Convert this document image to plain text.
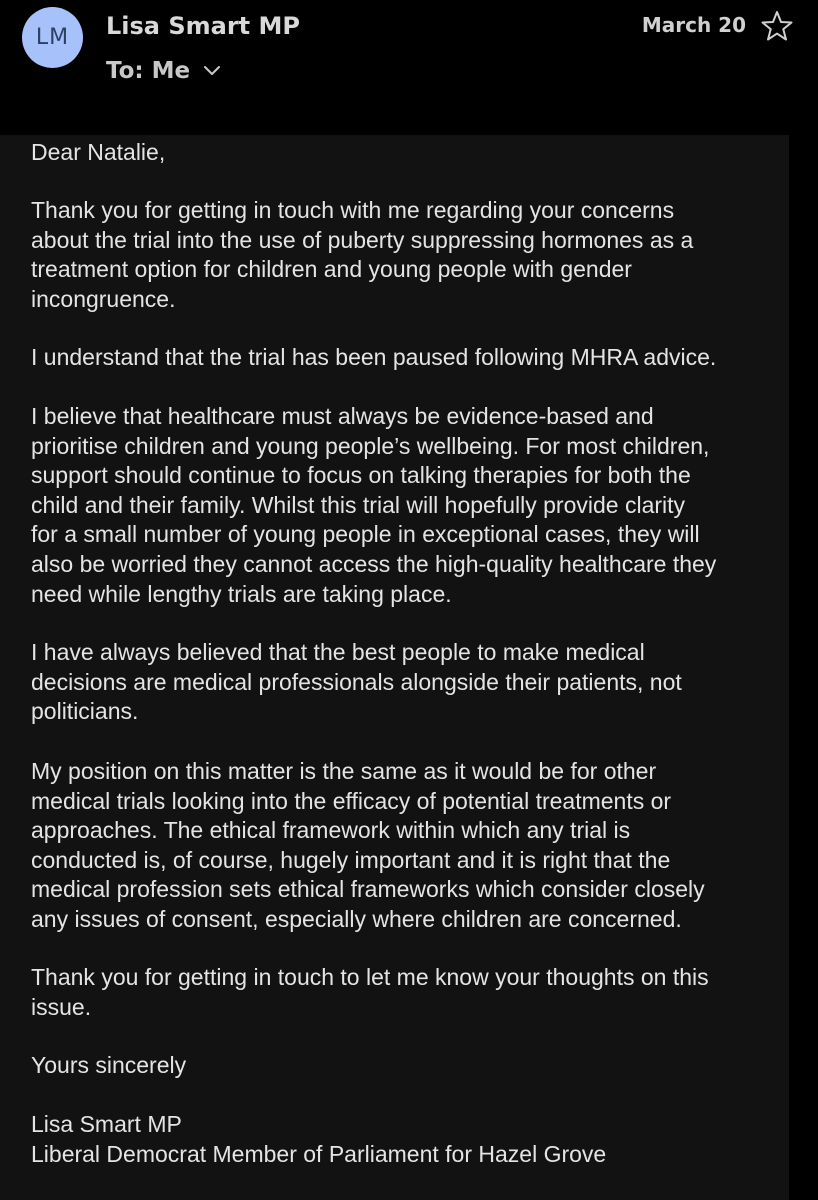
LM	Lisa Smart MP
To: Me
March 20

Dear Natalie,

Thank you for getting in touch with me regarding your concerns
about the trial into the use of puberty suppressing hormones as a
treatment option for children and young people with gender
incongruence.

I understand that the trial has been paused following MHRA advice.

I believe that healthcare must always be evidence-based and
prioritise children and young people’s wellbeing. For most children,
support should continue to focus on talking therapies for both the
child and their family. Whilst this trial will hopefully provide clarity
for a small number of young people in exceptional cases, they will
also be worried they cannot access the high-quality healthcare they
need while lengthy trials are taking place.

I have always believed that the best people to make medical
decisions are medical professionals alongside their patients, not
politicians.

My position on this matter is the same as it would be for other
medical trials looking into the efficacy of potential treatments or
approaches. The ethical framework within which any trial is
conducted is, of course, hugely important and it is right that the
medical profession sets ethical frameworks which consider closely
any issues of consent, especially where children are concerned.

Thank you for getting in touch to let me know your thoughts on this
issue.

Yours sincerely

Lisa Smart MP
Liberal Democrat Member of Parliament for Hazel Grove
